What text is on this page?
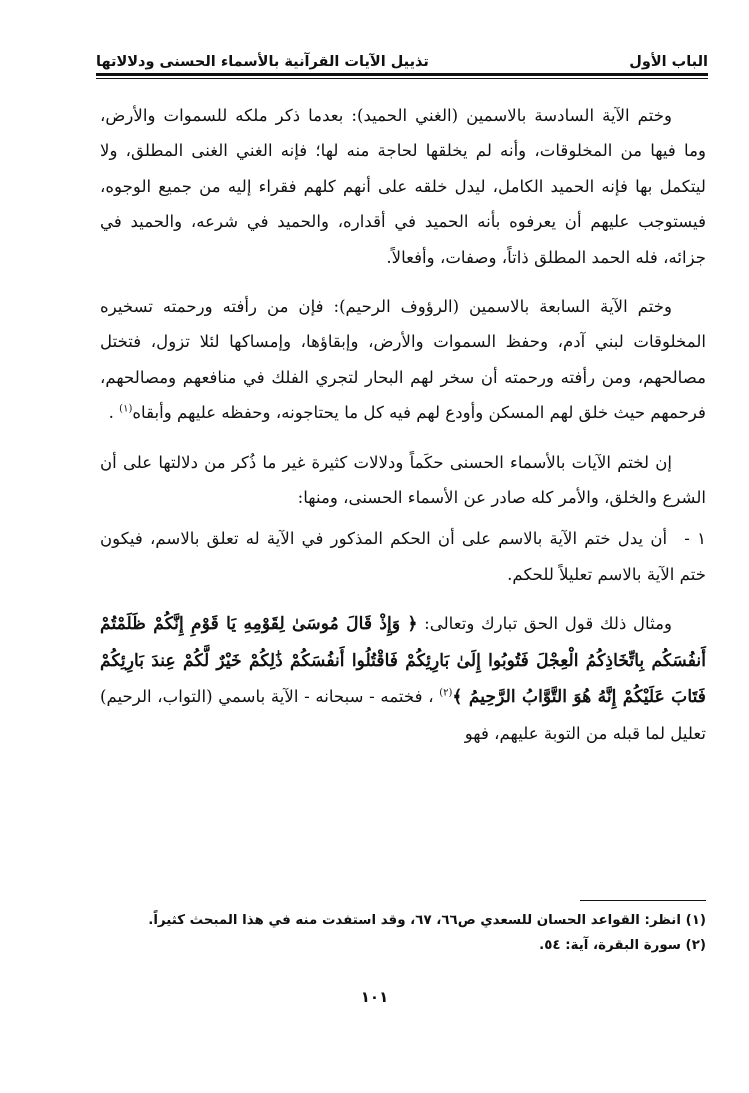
الباب الأول
تذييل الآيات القرآنية بالأسماء الحسنى ودلالاتها

وختم الآية السادسة بالاسمين (الغني الحميد): بعدما ذكر ملكه للسموات والأرض، وما فيها من المخلوقات، وأنه لم يخلقها لحاجة منه لها؛ فإنه الغني الغنى المطلق، ولا ليتكمل بها فإنه الحميد الكامل، ليدل خلقه على أنهم كلهم فقراء إليه من جميع الوجوه، فيستوجب عليهم أن يعرفوه بأنه الحميد في أقداره، والحميد في شرعه، والحميد في جزائه، فله الحمد المطلق ذاتاً، وصفات، وأفعالاً.

وختم الآية السابعة بالاسمين (الرؤوف الرحيم): فإن من رأفته ورحمته تسخيره المخلوقات لبني آدم، وحفظ السموات والأرض، وإبقاؤها، وإمساكها لئلا تزول، فتختل مصالحهم، ومن رأفته ورحمته أن سخر لهم البحار لتجري الفلك في منافعهم ومصالحهم، فرحمهم حيث خلق لهم المسكن وأودع لهم فيه كل ما يحتاجونه، وحفظه عليهم وأبقاه$^{(١)}$ .

إن لختم الآيات بالأسماء الحسنى حكَماً ودلالات كثيرة غير ما ذُكر من دلالتها على أن الشرع والخلق، والأمر كله صادر عن الأسماء الحسنى، ومنها:

١ - أن يدل ختم الآية بالاسم على أن الحكم المذكور في الآية له تعلق بالاسم، فيكون ختم الآية بالاسم تعليلاً للحكم.

ومثال ذلك قول الحق تبارك وتعالى: ﴿ وَإِذْ قَالَ مُوسَىٰ لِقَوْمِهِ يَا قَوْمِ إِنَّكُمْ ظَلَمْتُمْ أَنفُسَكُم بِاتِّخَاذِكُمُ الْعِجْلَ فَتُوبُوا إِلَىٰ بَارِئِكُمْ فَاقْتُلُوا أَنفُسَكُمْ ذَٰلِكُمْ خَيْرٌ لَّكُمْ عِندَ بَارِئِكُمْ فَتَابَ عَلَيْكُمْ إِنَّهُ هُوَ التَّوَّابُ الرَّحِيمُ ﴾$^{(٢)}$ ، فختمه - سبحانه - الآية باسمي (التواب، الرحيم) تعليل لما قبله من التوبة عليهم، فهو

(١) انظر: القواعد الحسان للسعدي ص٦٦، ٦٧، وقد استفدت منه في هذا المبحث كثيراً.
(٢) سورة البقرة، آية: ٥٤.
١٠١
